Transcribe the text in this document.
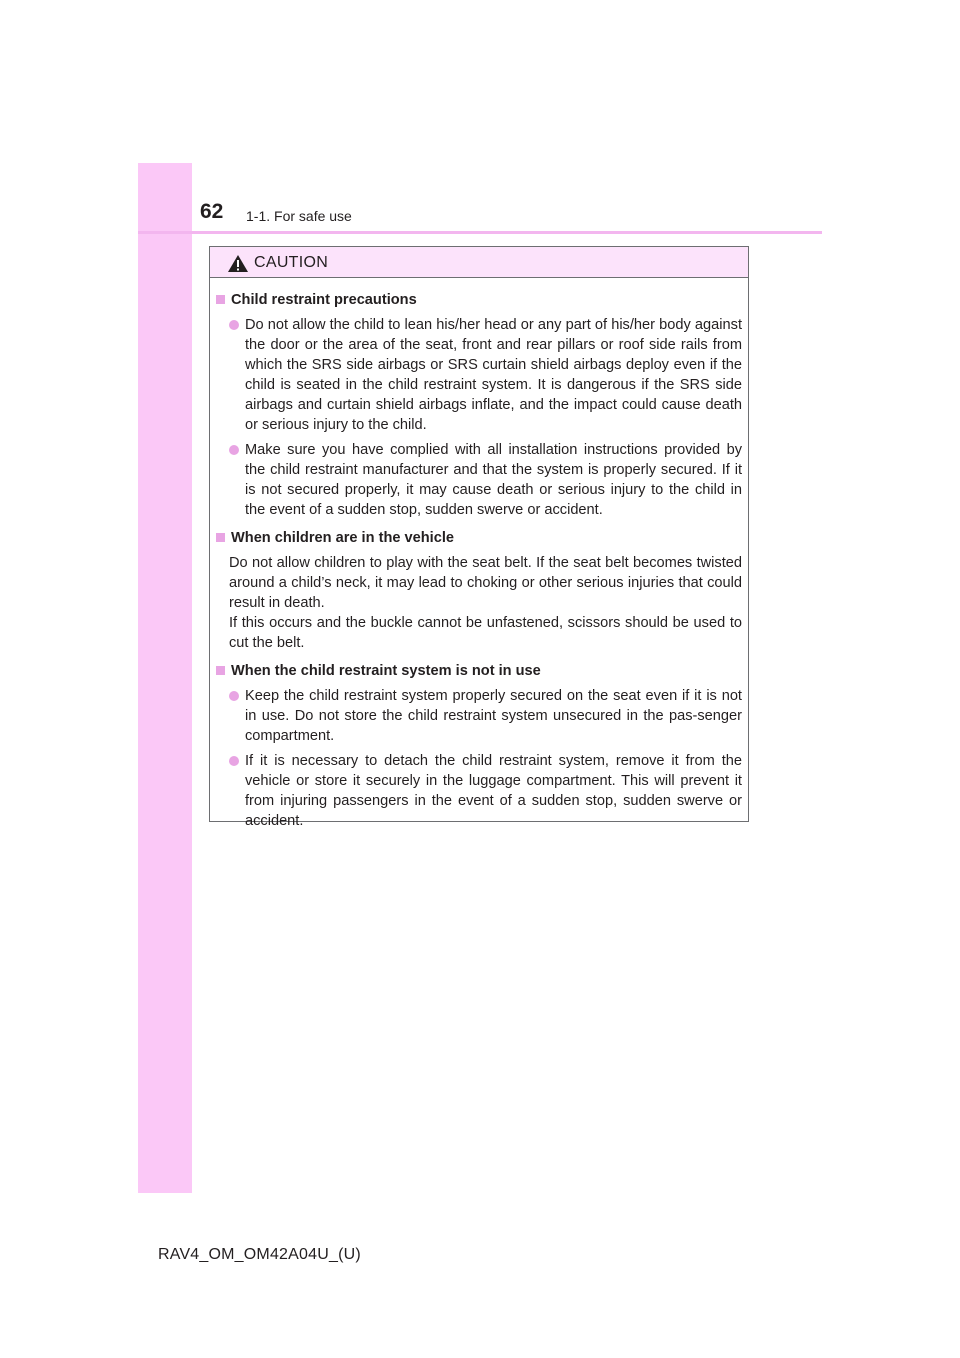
62 1-1. For safe use
CAUTION
Child restraint precautions
Do not allow the child to lean his/her head or any part of his/her body against the door or the area of the seat, front and rear pillars or roof side rails from which the SRS side airbags or SRS curtain shield airbags deploy even if the child is seated in the child restraint system. It is dangerous if the SRS side airbags and curtain shield airbags inflate, and the impact could cause death or serious injury to the child.
Make sure you have complied with all installation instructions provided by the child restraint manufacturer and that the system is properly secured. If it is not secured properly, it may cause death or serious injury to the child in the event of a sudden stop, sudden swerve or accident.
When children are in the vehicle

Do not allow children to play with the seat belt. If the seat belt becomes twisted around a child’s neck, it may lead to choking or other serious injuries that could result in death.

If this occurs and the buckle cannot be unfastened, scissors should be used to cut the belt.

When the child restraint system is not in use
Keep the child restraint system properly secured on the seat even if it is not in use. Do not store the child restraint system unsecured in the pas-senger compartment.
If it is necessary to detach the child restraint system, remove it from the vehicle or store it securely in the luggage compartment. This will prevent it from injuring passengers in the event of a sudden stop, sudden swerve or accident.
RAV4_OM_OM42A04U_(U)
